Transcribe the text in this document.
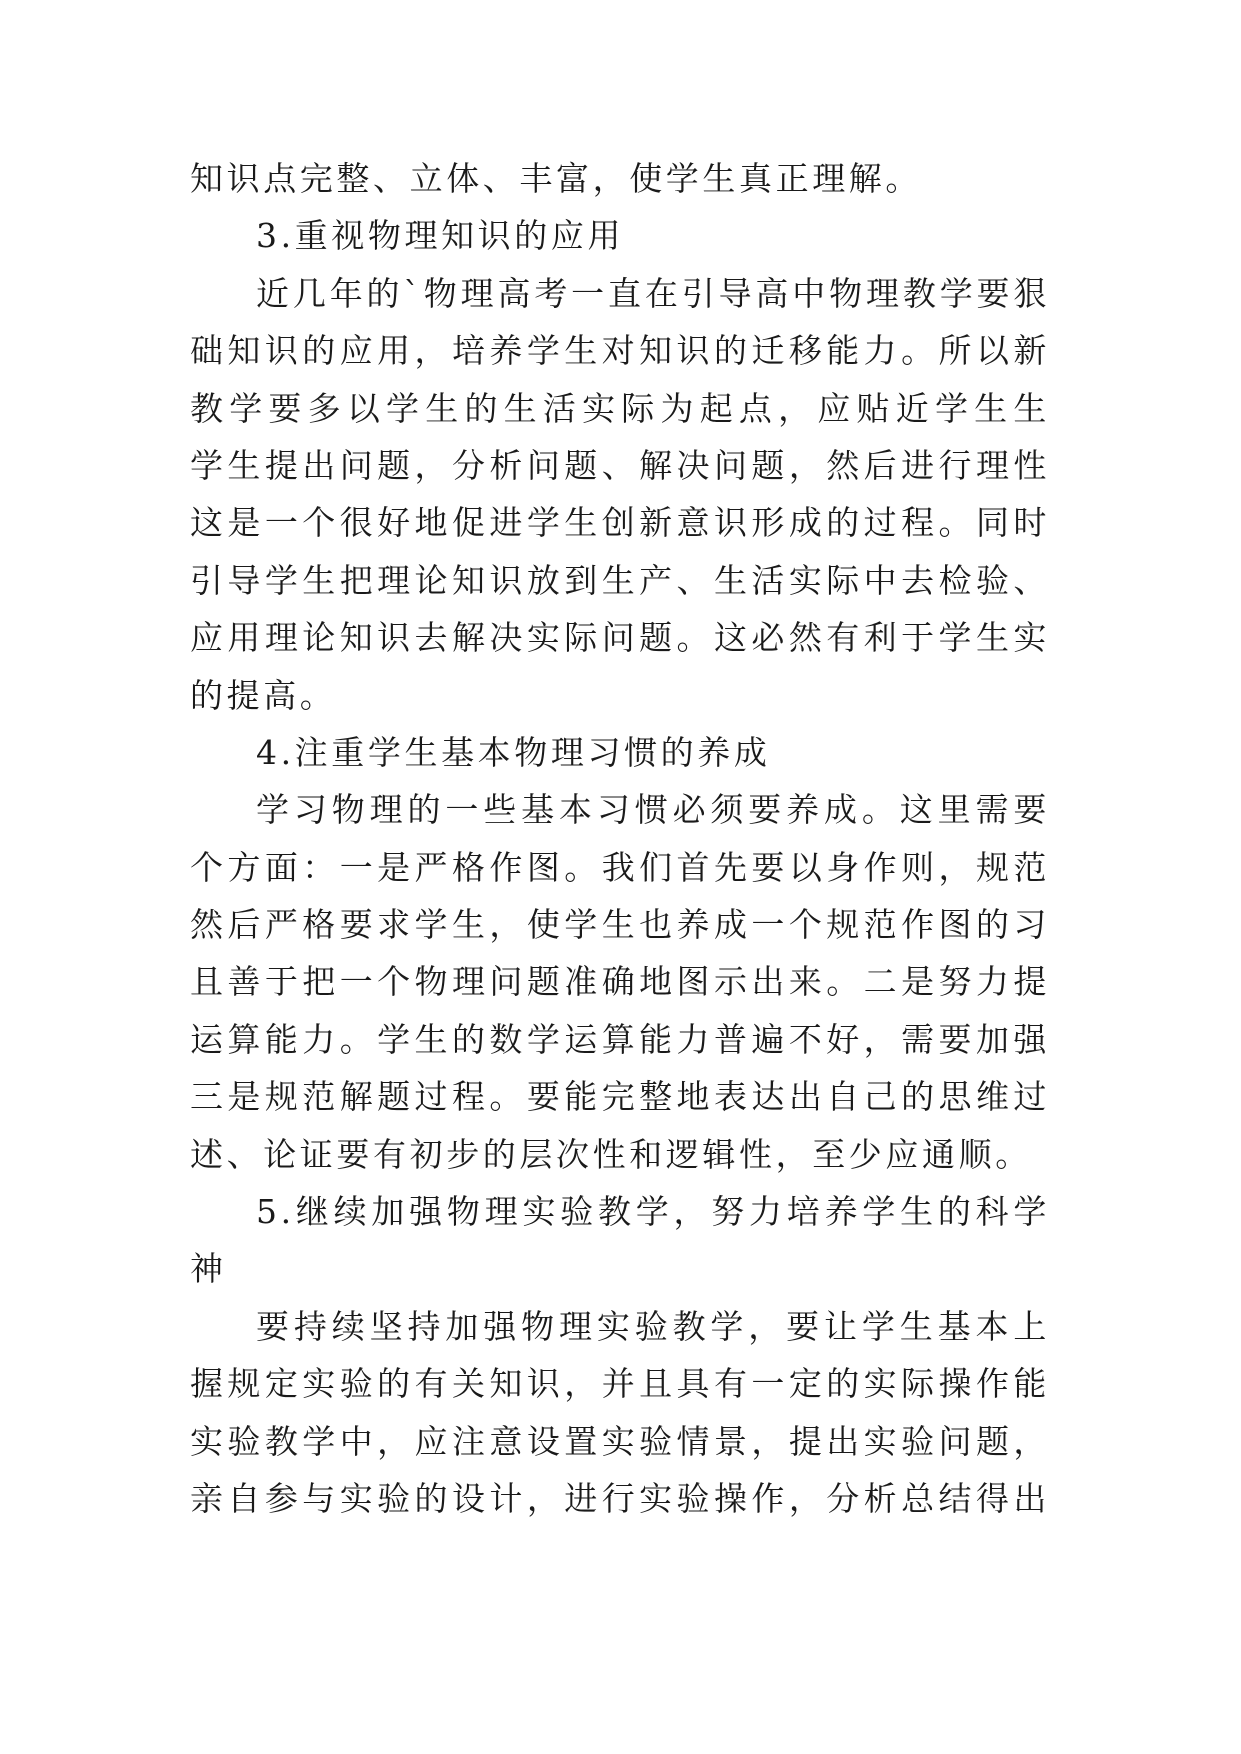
知识点完整、立体、丰富，使学生真正理解。
3.重视物理知识的应用
近几年的`物理高考一直在引导高中物理教学要狠
础知识的应用，培养学生对知识的迁移能力。所以新
教学要多以学生的生活实际为起点，应贴近学生生
学生提出问题，分析问题、解决问题，然后进行理性
这是一个很好地促进学生创新意识形成的过程。同时
引导学生把理论知识放到生产、生活实际中去检验、
应用理论知识去解决实际问题。这必然有利于学生实
的提高。
4.注重学生基本物理习惯的养成
学习物理的一些基本习惯必须要养成。这里需要
个方面：一是严格作图。我们首先要以身作则，规范
然后严格要求学生，使学生也养成一个规范作图的习
且善于把一个物理问题准确地图示出来。二是努力提
运算能力。学生的数学运算能力普遍不好，需要加强
三是规范解题过程。要能完整地表达出自己的思维过
述、论证要有初步的层次性和逻辑性，至少应通顺。
5.继续加强物理实验教学，努力培养学生的科学
神
要持续坚持加强物理实验教学，要让学生基本上
握规定实验的有关知识，并且具有一定的实际操作能
实验教学中，应注意设置实验情景，提出实验问题，
亲自参与实验的设计，进行实验操作，分析总结得出
